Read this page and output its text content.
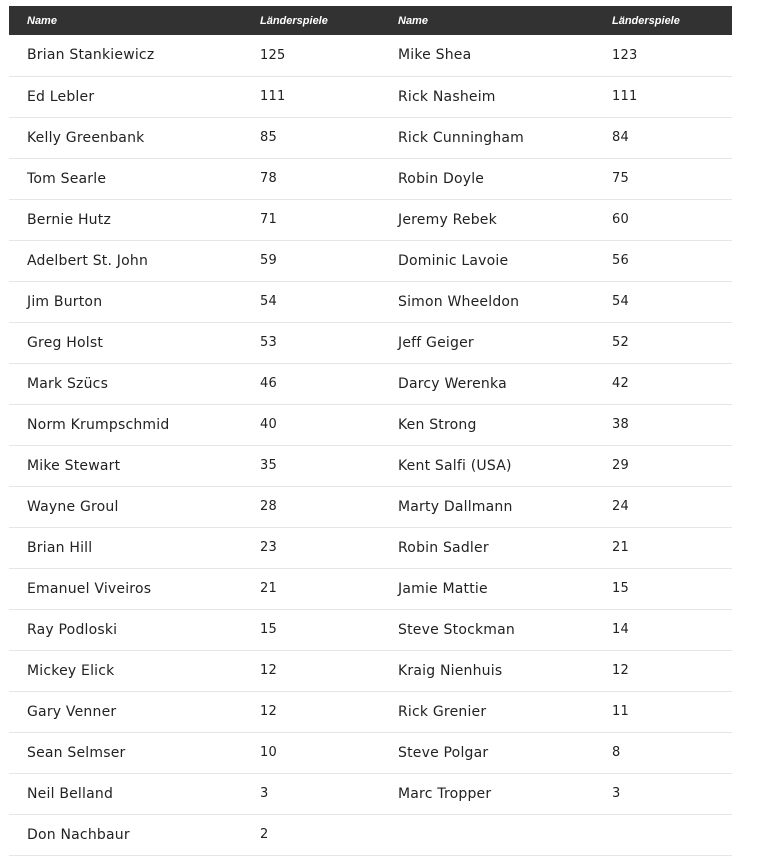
Name	Länderspiele	Name	Länderspiele
Brian Stankiewicz	125	Mike Shea	123
Ed Lebler	111	Rick Nasheim	111
Kelly Greenbank	85	Rick Cunningham	84
Tom Searle	78	Robin Doyle	75
Bernie Hutz	71	Jeremy Rebek	60
Adelbert St. John	59	Dominic Lavoie	56
Jim Burton	54	Simon Wheeldon	54
Greg Holst	53	Jeff Geiger	52
Mark Szücs	46	Darcy Werenka	42
Norm Krumpschmid	40	Ken Strong	38
Mike Stewart	35	Kent Salfi (USA)	29
Wayne Groul	28	Marty Dallmann	24
Brian Hill	23	Robin Sadler	21
Emanuel Viveiros	21	Jamie Mattie	15
Ray Podloski	15	Steve Stockman	14
Mickey Elick	12	Kraig Nienhuis	12
Gary Venner	12	Rick Grenier	11
Sean Selmser	10	Steve Polgar	8
Neil Belland	3	Marc Tropper	3
Don Nachbaur	2		
